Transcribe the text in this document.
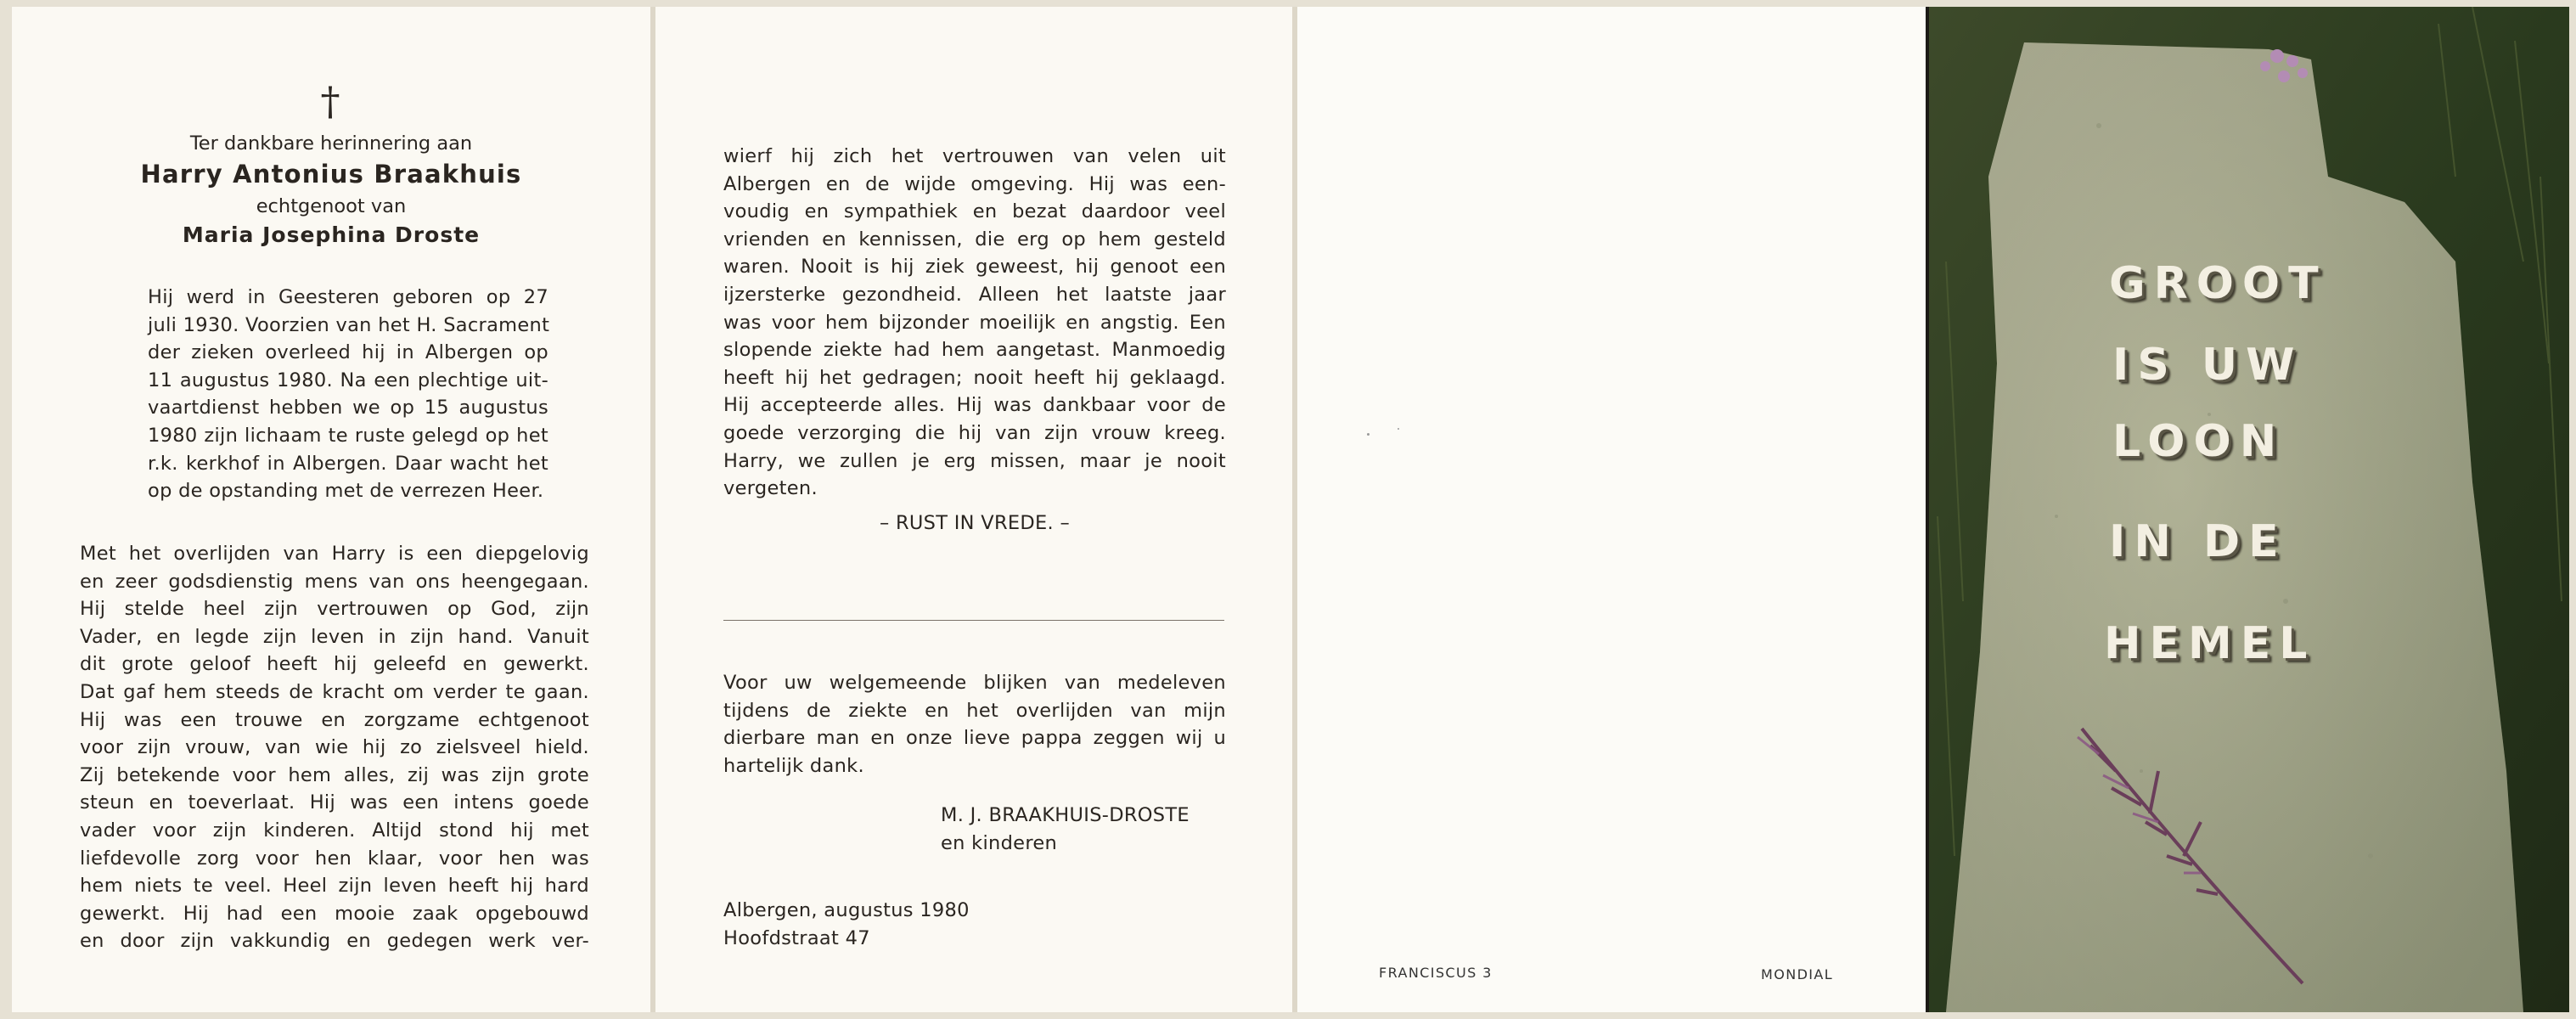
†
Ter dankbare herinnering aan
Harry Antonius Braakhuis
echtgenoot van
Maria Josephina Droste
Hij werd in Geesteren geboren op 27
juli 1930. Voorzien van het H. Sacrament
der zieken overleed hij in Albergen op
11 augustus 1980. Na een plechtige uit-
vaartdienst hebben we op 15 augustus
1980 zijn lichaam te ruste gelegd op het
r.k. kerkhof in Albergen. Daar wacht het
op de opstanding met de verrezen Heer.
Met het overlijden van Harry is een diepgelovig
en zeer godsdienstig mens van ons heengegaan.
Hij stelde heel zijn vertrouwen op God, zijn
Vader, en legde zijn leven in zijn hand. Vanuit
dit grote geloof heeft hij geleefd en gewerkt.
Dat gaf hem steeds de kracht om verder te gaan.
Hij was een trouwe en zorgzame echtgenoot
voor zijn vrouw, van wie hij zo zielsveel hield.
Zij betekende voor hem alles, zij was zijn grote
steun en toeverlaat. Hij was een intens goede
vader voor zijn kinderen. Altijd stond hij met
liefdevolle zorg voor hen klaar, voor hen was
hem niets te veel. Heel zijn leven heeft hij hard
gewerkt. Hij had een mooie zaak opgebouwd
en door zijn vakkundig en gedegen werk ver-
wierf hij zich het vertrouwen van velen uit
Albergen en de wijde omgeving. Hij was een-
voudig en sympathiek en bezat daardoor veel
vrienden en kennissen, die erg op hem gesteld
waren. Nooit is hij ziek geweest, hij genoot een
ijzersterke gezondheid. Alleen het laatste jaar
was voor hem bijzonder moeilijk en angstig. Een
slopende ziekte had hem aangetast. Manmoedig
heeft hij het gedragen; nooit heeft hij geklaagd.
Hij accepteerde alles. Hij was dankbaar voor de
goede verzorging die hij van zijn vrouw kreeg.
Harry, we zullen je erg missen, maar je nooit
vergeten.
– RUST IN VREDE. –
Voor uw welgemeende blijken van medeleven
tijdens de ziekte en het overlijden van mijn
dierbare man en onze lieve pappa zeggen wij u
hartelijk dank.
M. J. BRAAKHUIS-DROSTE
en kinderen
Albergen, augustus 1980
Hoofdstraat 47
FRANCISCUS 3	MONDIAL
GROOT
IS UW
LOON
IN DE
HEMEL
